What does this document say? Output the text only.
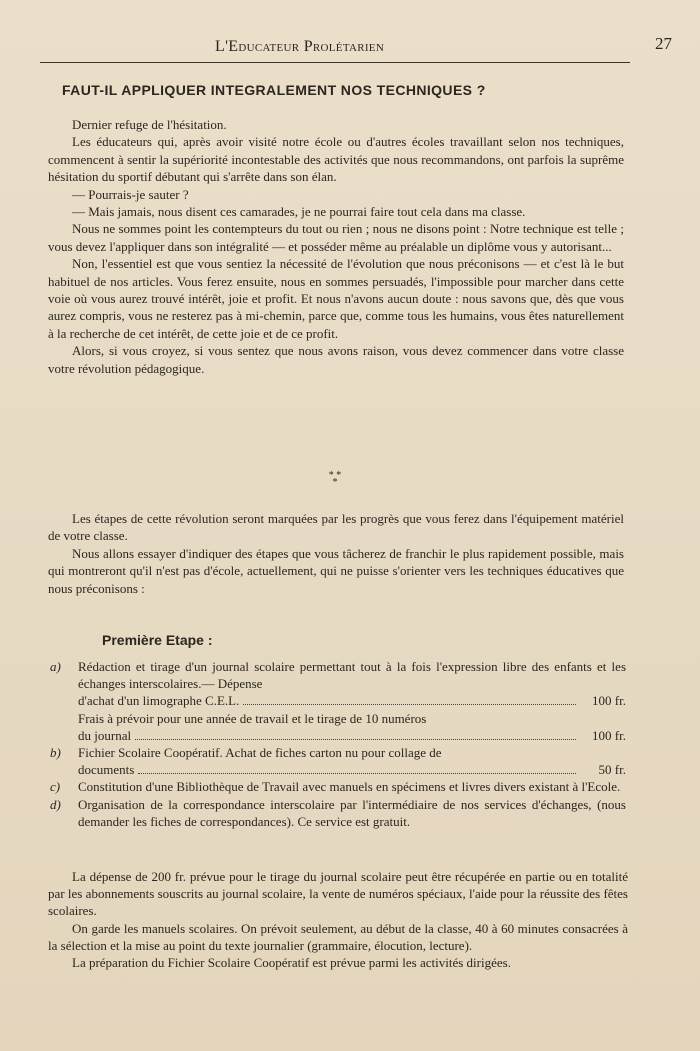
L'Educateur Prolétarien	27
FAUT-IL APPLIQUER INTEGRALEMENT NOS TECHNIQUES ?

Dernier refuge de l'hésitation.

Les éducateurs qui, après avoir visité notre école ou d'autres écoles travaillant selon nos techniques, commencent à sentir la supériorité incontestable des activités que nous recommandons, ont parfois la suprême hésitation du sportif débutant qui s'arrête dans son élan.

— Pourrais-je sauter ?

— Mais jamais, nous disent ces camarades, je ne pourrai faire tout cela dans ma classe.

Nous ne sommes point les contempteurs du tout ou rien ; nous ne disons point : Notre technique est telle ; vous devez l'appliquer dans son intégralité — et posséder même au préalable un diplôme vous y autorisant...

Non, l'essentiel est que vous sentiez la nécessité de l'évolution que nous préconisons — et c'est là le but habituel de nos articles. Vous ferez ensuite, nous en sommes persuadés, l'impossible pour marcher dans cette voie où vous aurez trouvé intérêt, joie et profit. Et nous n'avons aucun doute : nous savons que, dès que vous aurez compris, vous ne resterez pas à mi-chemin, parce que, comme tous les humains, vous êtes naturellement à la recherche de cet intérêt, de cette joie et de ce profit.

Alors, si vous croyez, si vous sentez que nous avons raison, vous devez commencer dans votre classe votre révolution pédagogique.

* * *

Les étapes de cette révolution seront marquées par les progrès que vous ferez dans l'équipement matériel de votre classe.

Nous allons essayer d'indiquer des étapes que vous tâcherez de franchir le plus rapidement possible, mais qui montreront qu'il n'est pas d'école, actuellement, qui ne puisse s'orienter vers les techniques éducatives que nous préconisons :

Première Etape :
a) Rédaction et tirage d'un journal scolaire permettant tout à la fois l'expression libre des enfants et les échanges interscolaires.— Dépense
d'achat d'un limographe C.E.L.	100 fr.
Frais à prévoir pour une année de travail et le tirage de 10 numéros
du journal	100 fr.
b) Fichier Scolaire Coopératif. Achat de fiches carton nu pour collage de
documents	50 fr.
c) Constitution d'une Bibliothèque de Travail avec manuels en spécimens et livres divers existant à l'Ecole.
d) Organisation de la correspondance interscolaire par l'intermédiaire de nos services d'échanges, (nous demander les fiches de correspondances). Ce service est gratuit.

La dépense de 200 fr. prévue pour le tirage du journal scolaire peut être récupérée en partie ou en totalité par les abonnements souscrits au journal scolaire, la vente de numéros spéciaux, l'aide pour la réussite des fêtes scolaires.

On garde les manuels scolaires. On prévoit seulement, au début de la classe, 40 à 60 minutes consacrées à la sélection et la mise au point du texte journalier (grammaire, élocution, lecture).

La préparation du Fichier Scolaire Coopératif est prévue parmi les activités dirigées.
